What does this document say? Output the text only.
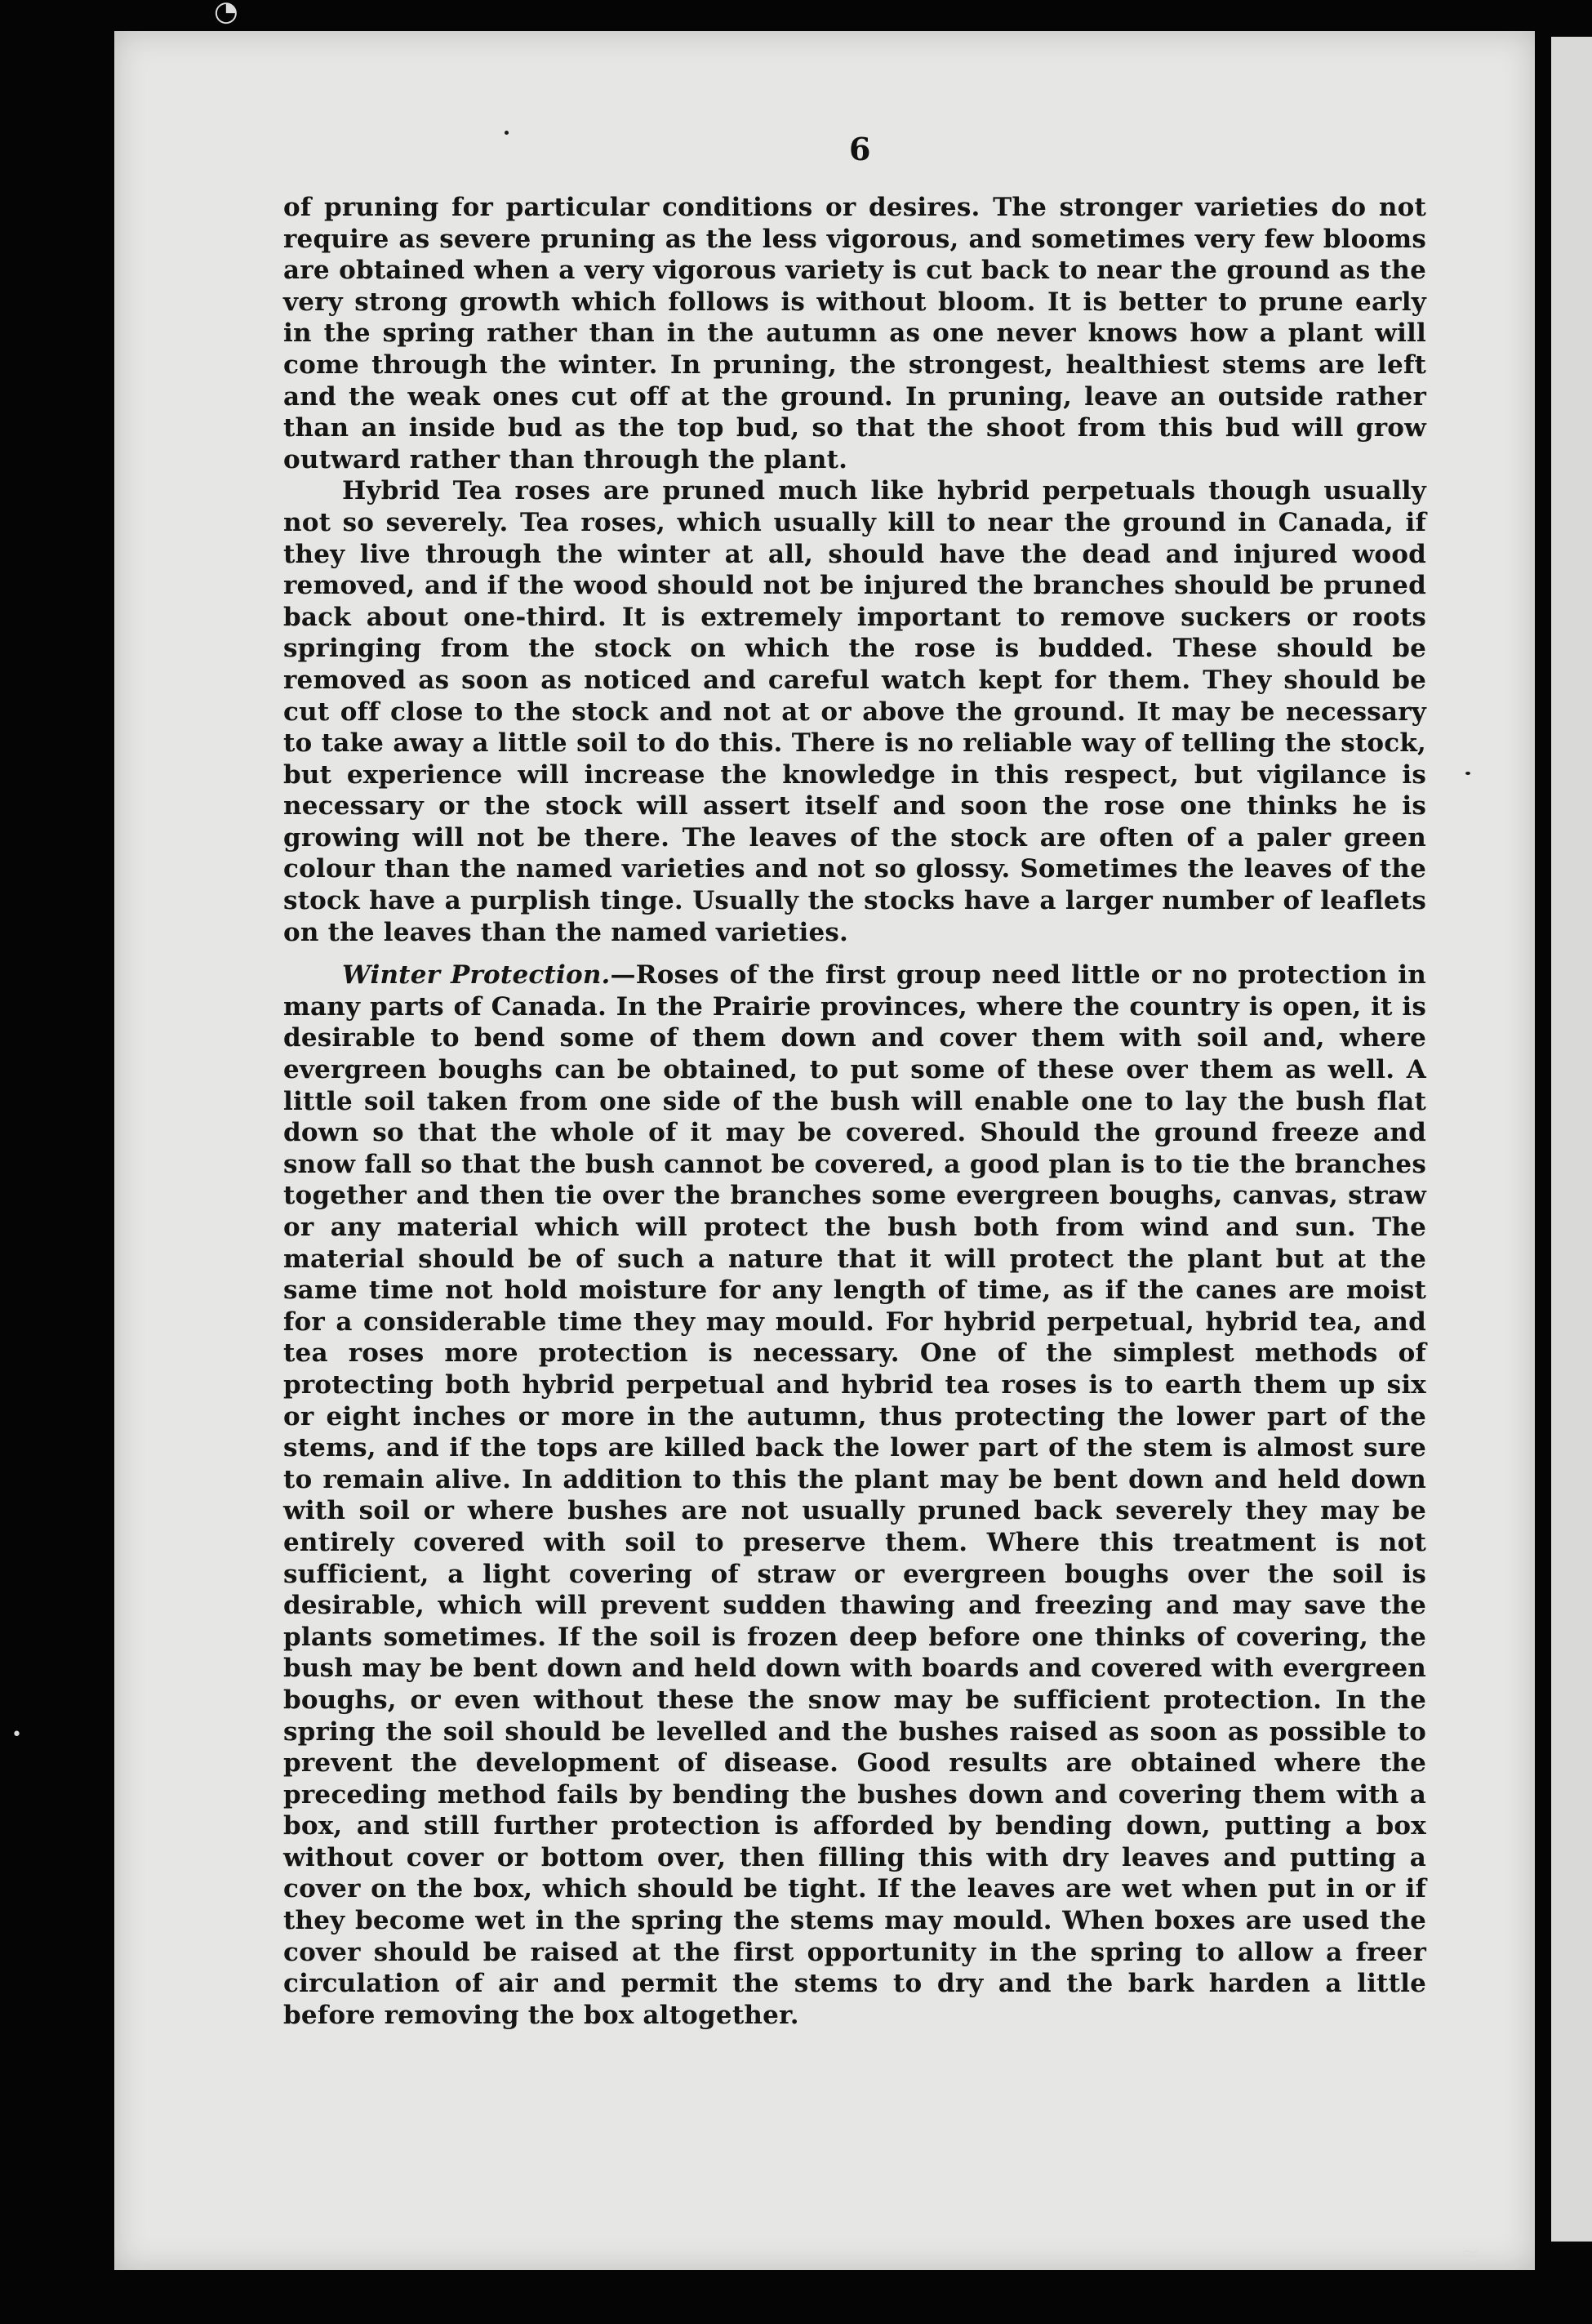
6

of pruning for particular conditions or desires. The stronger varieties do not require as severe pruning as the less vigorous, and sometimes very few blooms are obtained when a very vigorous variety is cut back to near the ground as the very strong growth which follows is without bloom. It is better to prune early in the spring rather than in the autumn as one never knows how a plant will come through the winter. In pruning, the strongest, healthiest stems are left and the weak ones cut off at the ground. In pruning, leave an outside rather than an inside bud as the top bud, so that the shoot from this bud will grow outward rather than through the plant.

Hybrid Tea roses are pruned much like hybrid perpetuals though usually not so severely. Tea roses, which usually kill to near the ground in Canada, if they live through the winter at all, should have the dead and injured wood removed, and if the wood should not be injured the branches should be pruned back about one-third. It is extremely important to remove suckers or roots springing from the stock on which the rose is budded. These should be removed as soon as noticed and careful watch kept for them. They should be cut off close to the stock and not at or above the ground. It may be necessary to take away a little soil to do this. There is no reliable way of telling the stock, but experience will increase the knowledge in this respect, but vigilance is necessary or the stock will assert itself and soon the rose one thinks he is growing will not be there. The leaves of the stock are often of a paler green colour than the named varieties and not so glossy. Sometimes the leaves of the stock have a purplish tinge. Usually the stocks have a larger number of leaflets on the leaves than the named varieties.

Winter Protection.—Roses of the first group need little or no protection in many parts of Canada. In the Prairie provinces, where the country is open, it is desirable to bend some of them down and cover them with soil and, where evergreen boughs can be obtained, to put some of these over them as well. A little soil taken from one side of the bush will enable one to lay the bush flat down so that the whole of it may be covered. Should the ground freeze and snow fall so that the bush cannot be covered, a good plan is to tie the branches together and then tie over the branches some evergreen boughs, canvas, straw or any material which will protect the bush both from wind and sun. The material should be of such a nature that it will protect the plant but at the same time not hold moisture for any length of time, as if the canes are moist for a considerable time they may mould. For hybrid perpetual, hybrid tea, and tea roses more protection is necessary. One of the simplest methods of protecting both hybrid perpetual and hybrid tea roses is to earth them up six or eight inches or more in the autumn, thus protecting the lower part of the stems, and if the tops are killed back the lower part of the stem is almost sure to remain alive. In addition to this the plant may be bent down and held down with soil or where bushes are not usually pruned back severely they may be entirely covered with soil to preserve them. Where this treatment is not sufficient, a light covering of straw or evergreen boughs over the soil is desirable, which will prevent sudden thawing and freezing and may save the plants sometimes. If the soil is frozen deep before one thinks of covering, the bush may be bent down and held down with boards and covered with evergreen boughs, or even without these the snow may be sufficient protection. In the spring the soil should be levelled and the bushes raised as soon as possible to prevent the development of disease. Good results are obtained where the preceding method fails by bending the bushes down and covering them with a box, and still further protection is afforded by bending down, putting a box without cover or bottom over, then filling this with dry leaves and putting a cover on the box, which should be tight. If the leaves are wet when put in or if they become wet in the spring the stems may mould. When boxes are used the cover should be raised at the first opportunity in the spring to allow a freer circulation of air and permit the stems to dry and the bark harden a little before removing the box altogether.

◔
≋
•
